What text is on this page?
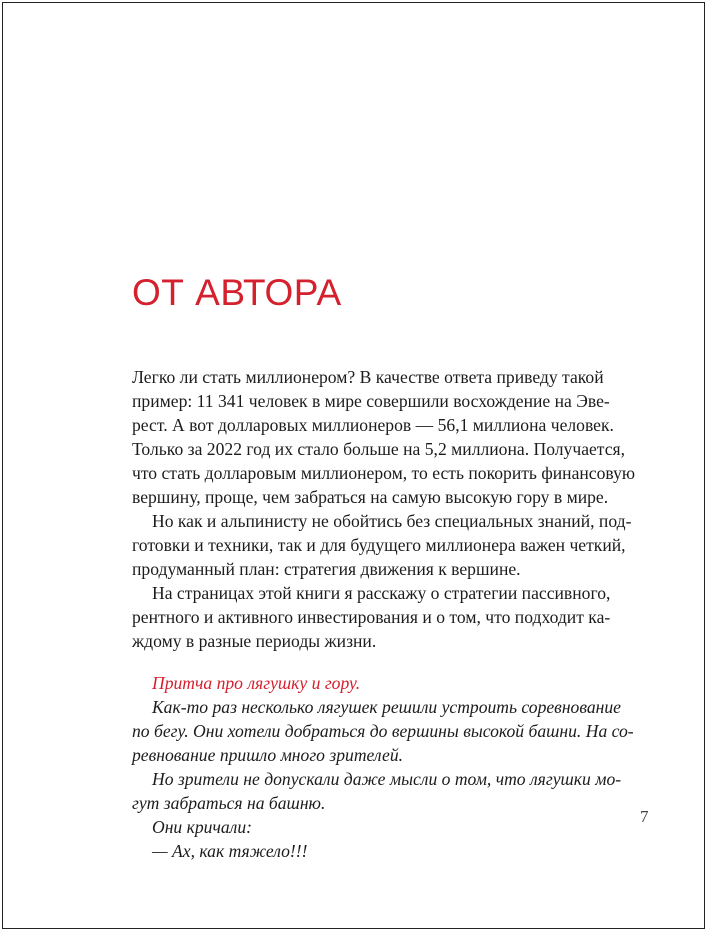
ОТ АВТОРА

Легко ли стать миллионером? В качестве ответа приведу такой

пример: 11 341 человек в мире совершили восхождение на Эве-

рест. А вот долларовых миллионеров — 56,1 миллиона человек.

Только за 2022 год их стало больше на 5,2 миллиона. Получается,

что стать долларовым миллионером, то есть покорить финансовую

вершину, проще, чем забраться на самую высокую гору в мире.

Но как и альпинисту не обойтись без специальных знаний, под-

готовки и техники, так и для будущего миллионера важен четкий,

продуманный план: стратегия движения к вершине.

На страницах этой книги я расскажу о стратегии пассивного,

рентного и активного инвестирования и о том, что подходит ка-

ждому в разные периоды жизни.

Притча про лягушку и гору.

Как-то раз несколько лягушек решили устроить соревнование

по бегу. Они хотели добраться до вершины высокой башни. На со-

ревнование пришло много зрителей.

Но зрители не допускали даже мысли о том, что лягушки мо-

гут забраться на башню.

Они кричали:

— Ах, как тяжело!!!

7
